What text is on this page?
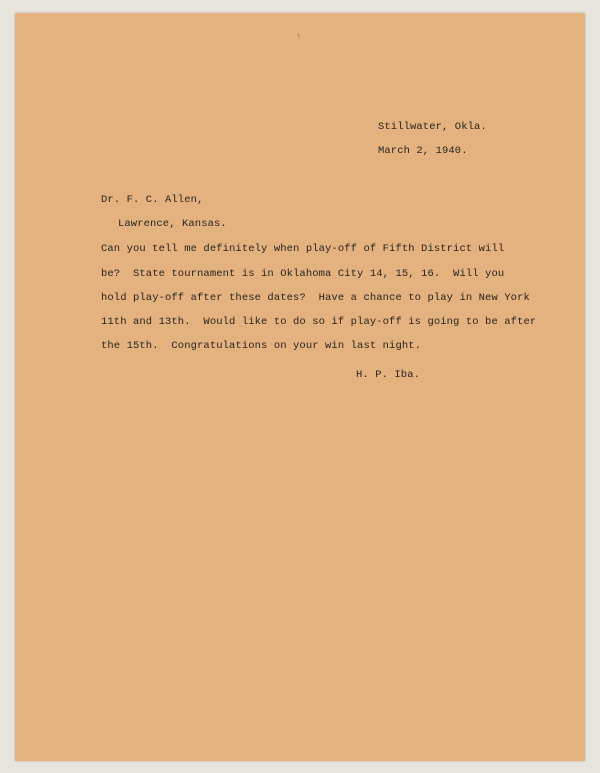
Stillwater, Okla.

March 2, 1940.

Dr. F. C. Allen,

Lawrence, Kansas.

Can you tell me definitely when play-off of Fifth District will

be?  State tournament is in Oklahoma City 14, 15, 16.  Will you

hold play-off after these dates?  Have a chance to play in New York

11th and 13th.  Would like to do so if play-off is going to be after

the 15th.  Congratulations on your win last night.

H. P. Iba.
